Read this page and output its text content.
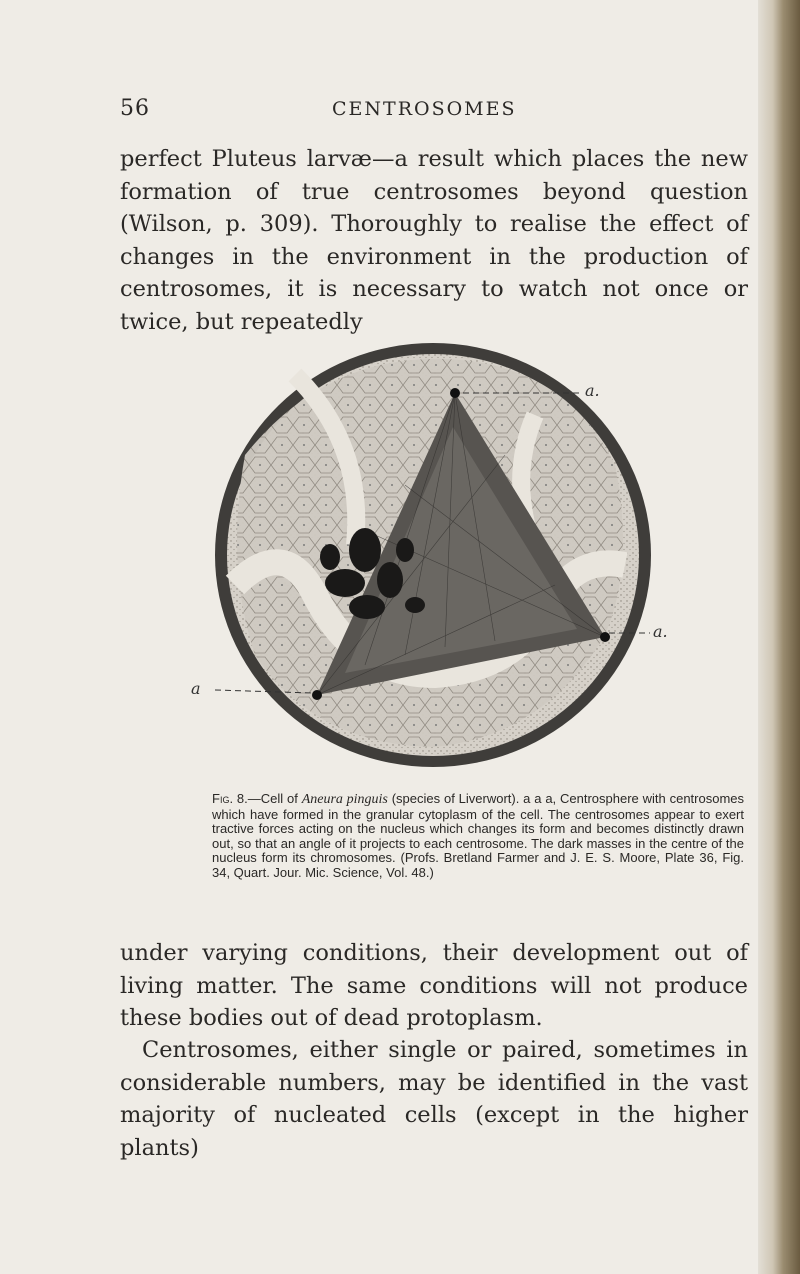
56	CENTROSOMES

perfect Pluteus larvæ—a result which places the new formation of true centrosomes beyond question (Wilson, p. 309). Thoroughly to realise the effect of changes in the environment in the production of centrosomes, it is necessary to watch not once or twice, but repeatedly

a.
a.
a
Fig. 8.—Cell of Aneura pinguis (species of Liverwort). a a a, Centrosphere with centrosomes which have formed in the granular cytoplasm of the cell. The centrosomes appear to exert tractive forces acting on the nucleus which changes its form and becomes distinctly drawn out, so that an angle of it projects to each centrosome. The dark masses in the centre of the nucleus form its chromosomes. (Profs. Bretland Farmer and J. E. S. Moore, Plate 36, Fig. 34, Quart. Jour. Mic. Science, Vol. 48.)

under varying conditions, their development out of living matter. The same conditions will not produce these bodies out of dead protoplasm.

Centrosomes, either single or paired, sometimes in considerable numbers, may be identified in the vast majority of nucleated cells (except in the higher plants)
